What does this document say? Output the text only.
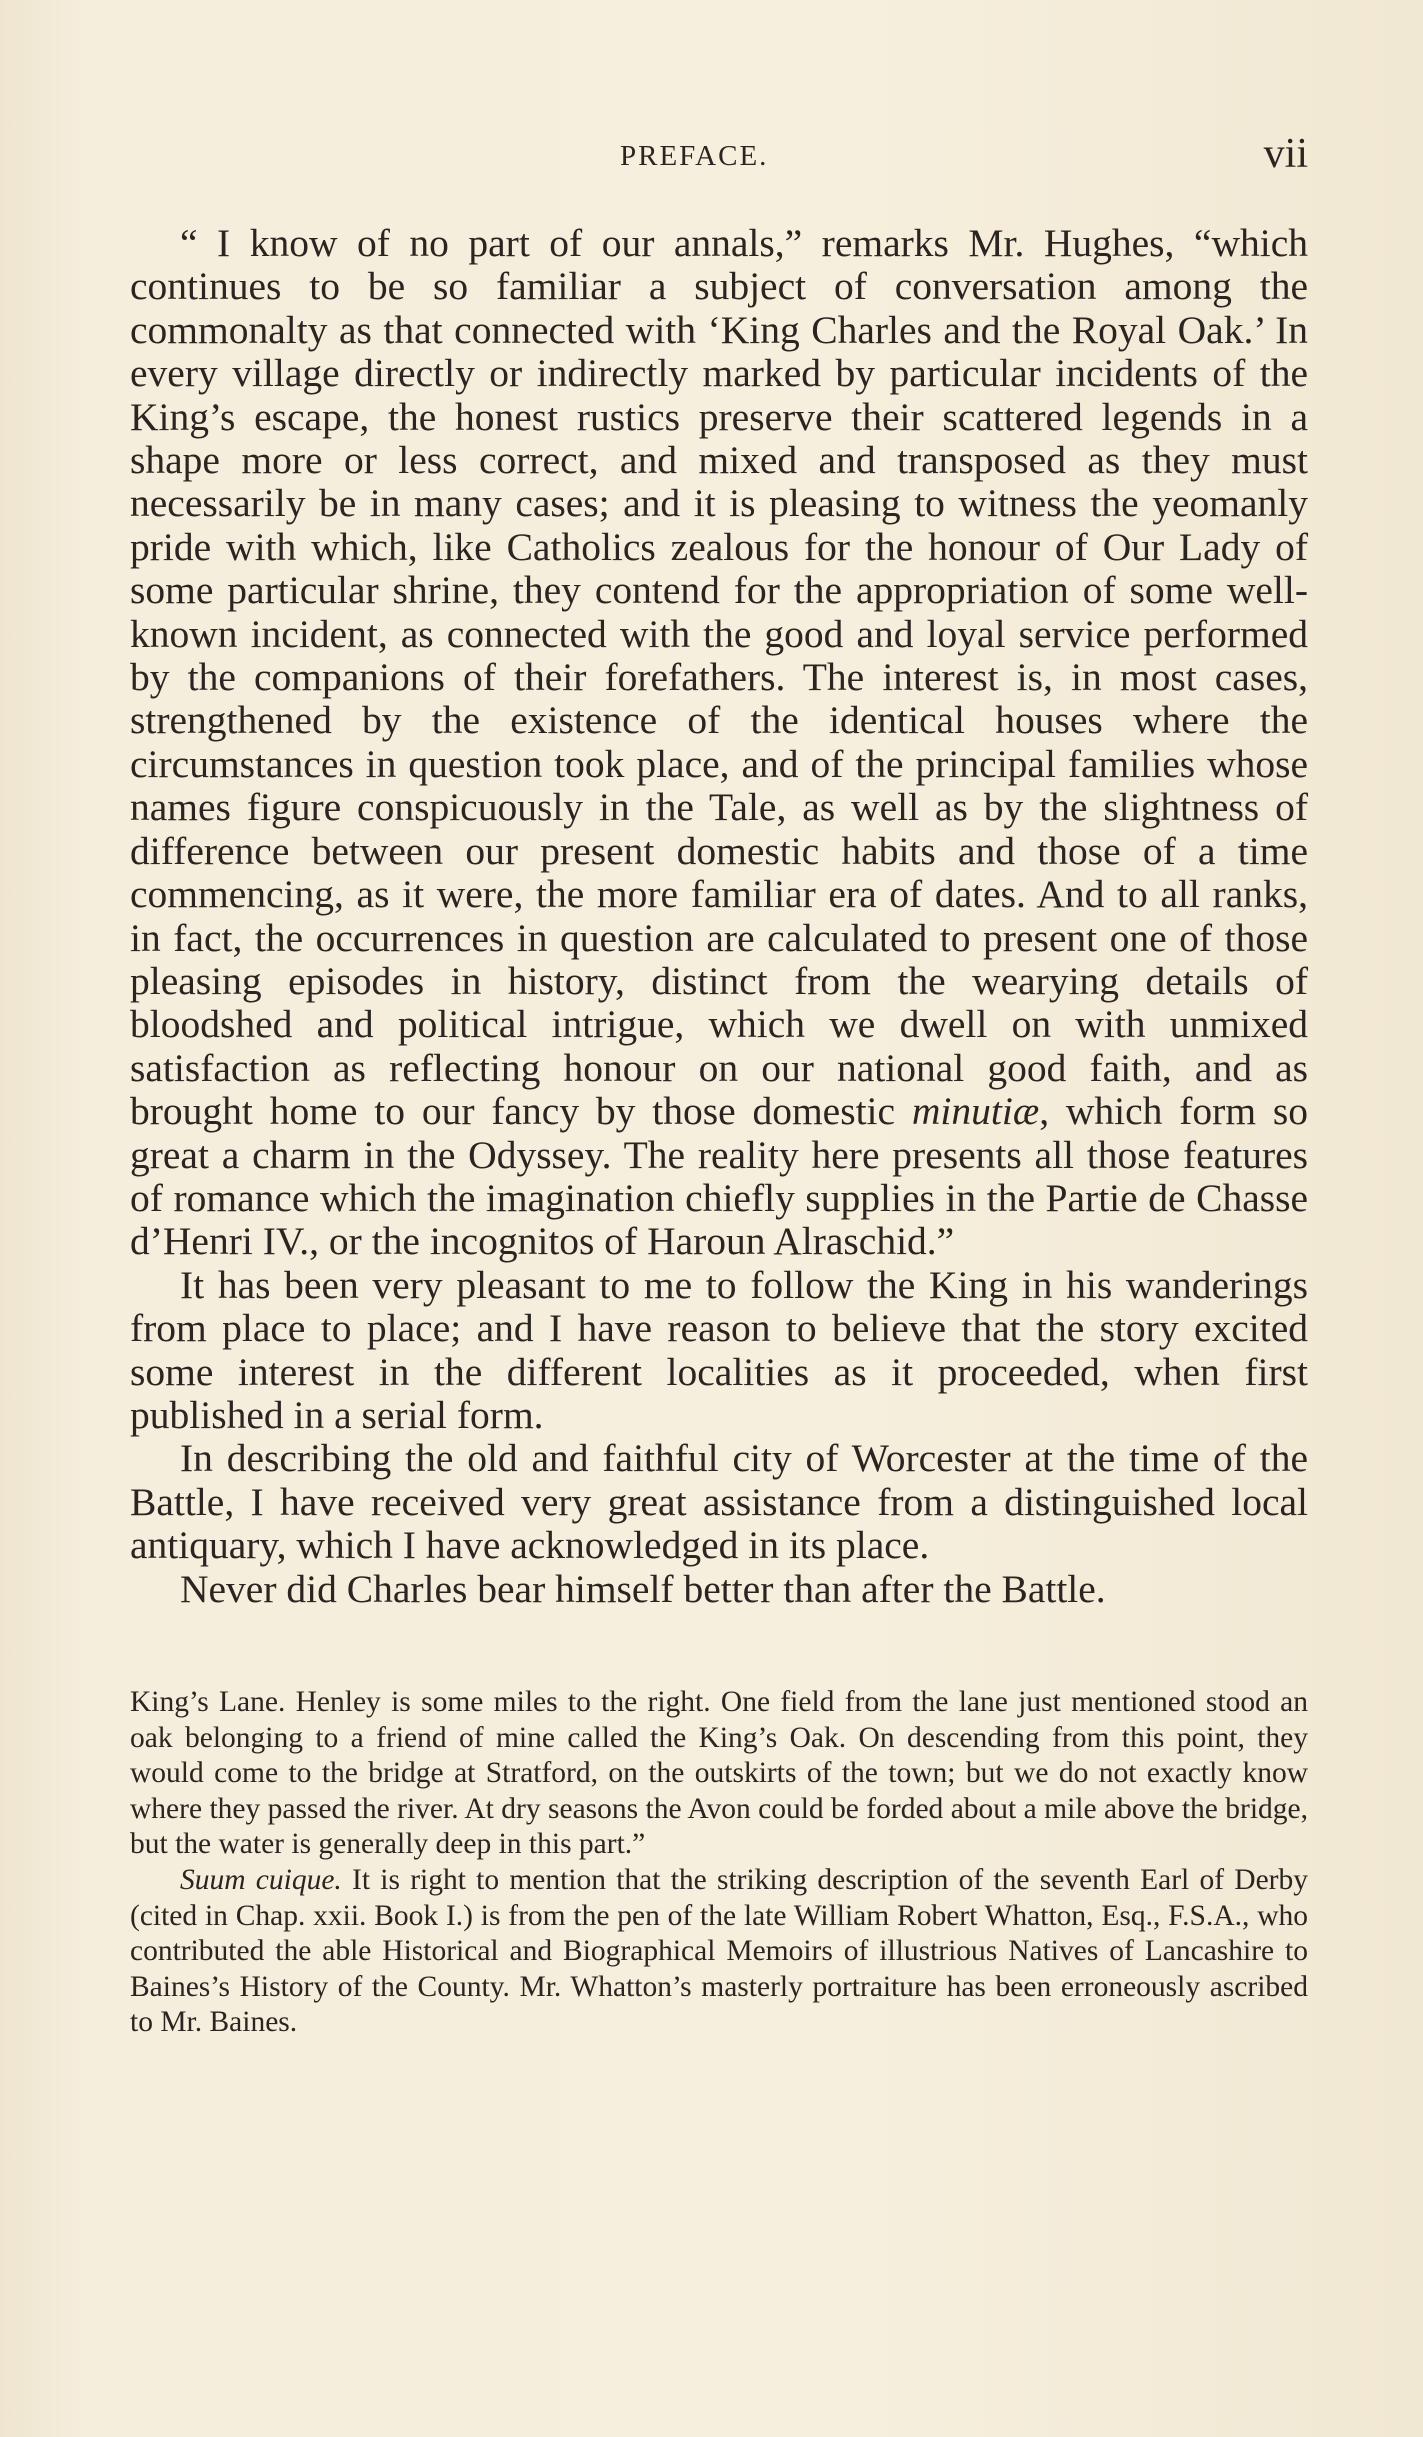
PREFACE.	vii

“ I know of no part of our annals,” remarks Mr. Hughes, “which continues to be so familiar a subject of conversation among the commonalty as that connected with ‘King Charles and the Royal Oak.’ In every village directly or indirectly marked by particular incidents of the King’s escape, the honest rustics preserve their scattered legends in a shape more or less correct, and mixed and transposed as they must necessarily be in many cases; and it is pleasing to witness the yeomanly pride with which, like Catholics zealous for the honour of Our Lady of some particular shrine, they contend for the appropriation of some well-known incident, as connected with the good and loyal service performed by the companions of their forefathers. The interest is, in most cases, strengthened by the existence of the identical houses where the circumstances in question took place, and of the principal families whose names figure conspicuously in the Tale, as well as by the slightness of difference between our present domestic habits and those of a time commencing, as it were, the more familiar era of dates. And to all ranks, in fact, the occurrences in question are calculated to present one of those pleasing episodes in history, distinct from the wearying details of bloodshed and political intrigue, which we dwell on with unmixed satisfaction as reflecting honour on our national good faith, and as brought home to our fancy by those domestic minutiæ, which form so great a charm in the Odyssey. The reality here presents all those features of romance which the imagination chiefly supplies in the Partie de Chasse d’Henri IV., or the incognitos of Haroun Alraschid.”

It has been very pleasant to me to follow the King in his wanderings from place to place; and I have reason to believe that the story excited some interest in the different localities as it proceeded, when first published in a serial form.

In describing the old and faithful city of Worcester at the time of the Battle, I have received very great assistance from a distinguished local antiquary, which I have acknowledged in its place.

Never did Charles bear himself better than after the Battle.

King’s Lane. Henley is some miles to the right. One field from the lane just mentioned stood an oak belonging to a friend of mine called the King’s Oak. On descending from this point, they would come to the bridge at Stratford, on the outskirts of the town; but we do not exactly know where they passed the river. At dry seasons the Avon could be forded about a mile above the bridge, but the water is generally deep in this part.”

Suum cuique. It is right to mention that the striking description of the seventh Earl of Derby (cited in Chap. xxii. Book I.) is from the pen of the late William Robert Whatton, Esq., F.S.A., who contributed the able Historical and Biographical Memoirs of illustrious Natives of Lancashire to Baines’s History of the County. Mr. Whatton’s masterly portraiture has been erroneously ascribed to Mr. Baines.
